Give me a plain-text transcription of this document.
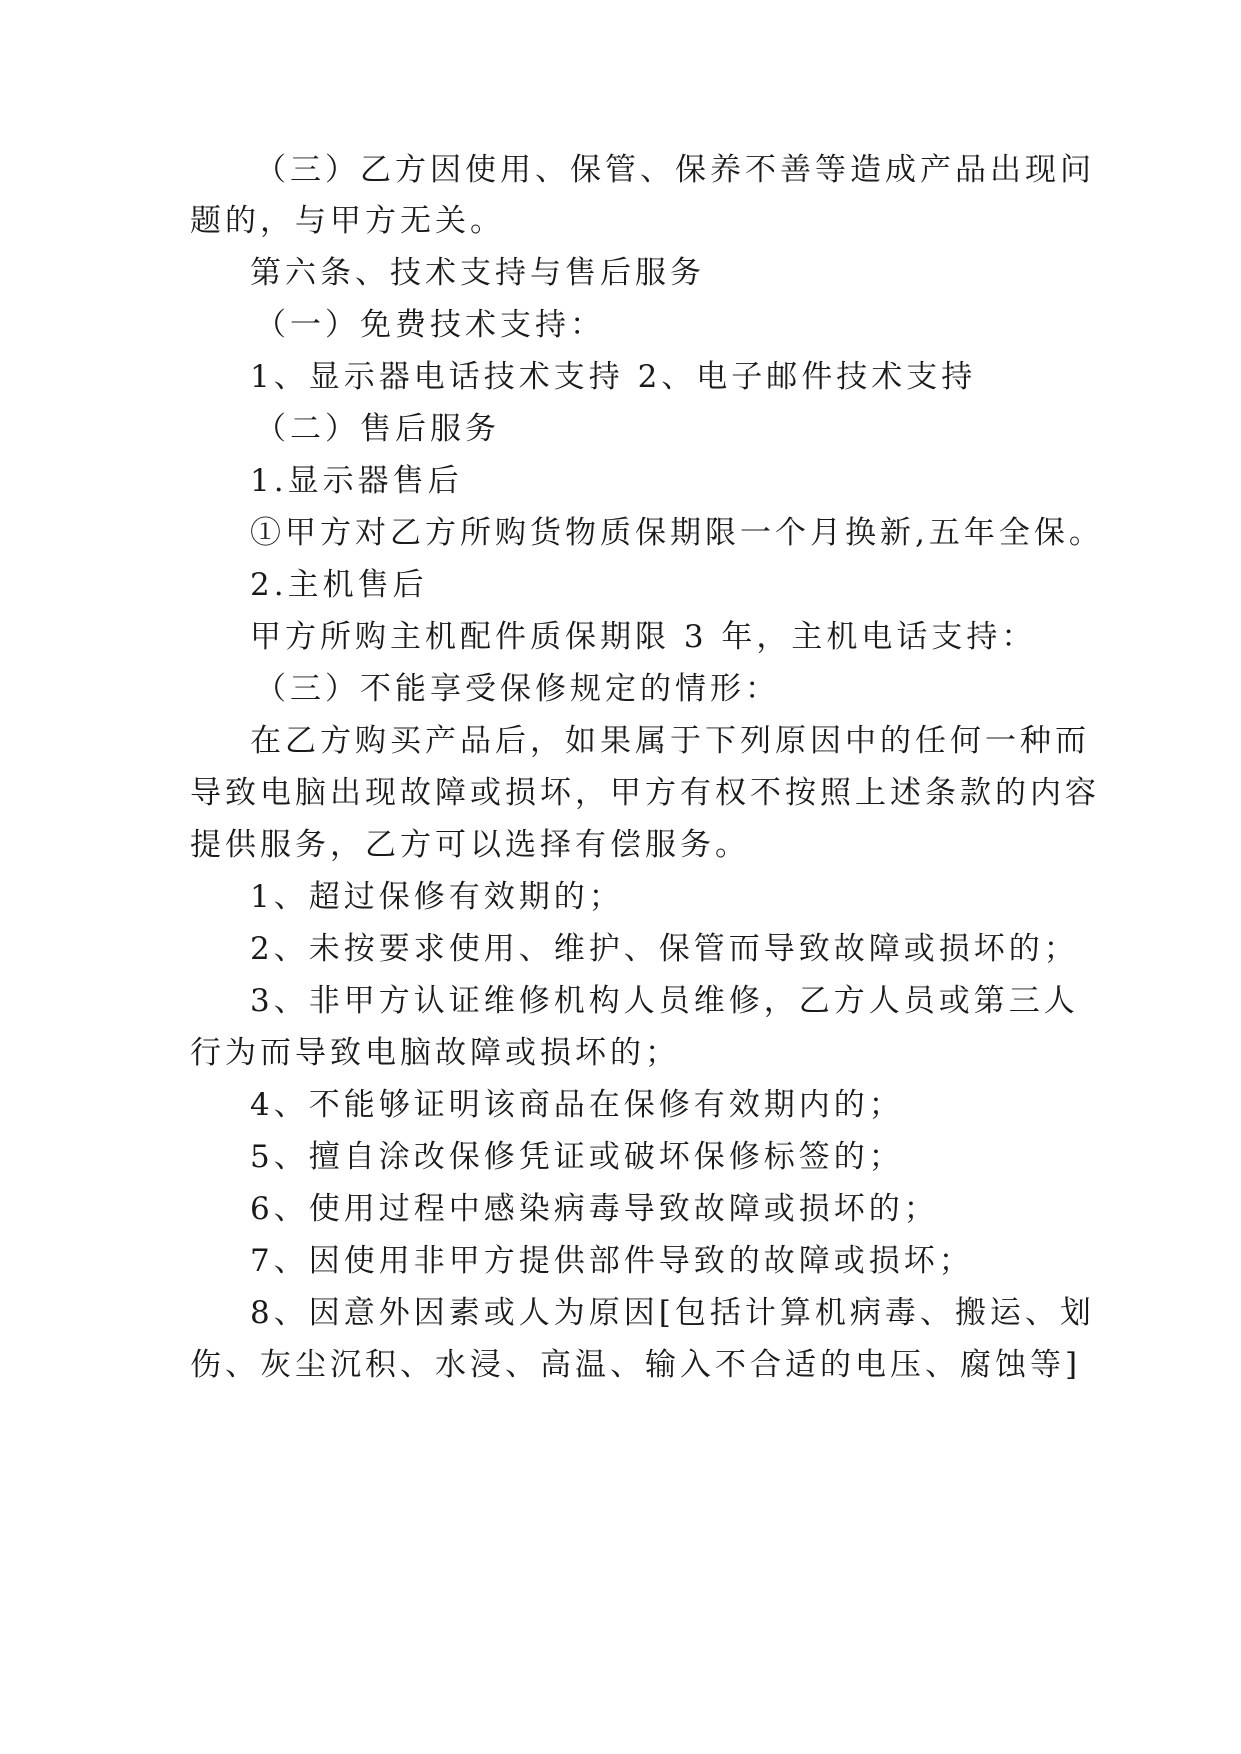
（三）乙方因使用、保管、保养不善等造成产品出现问
题的，与甲方无关。
第六条、技术支持与售后服务
（一）免费技术支持：
1、显示器电话技术支持 2、电子邮件技术支持
（二）售后服务
1.显示器售后
①甲方对乙方所购货物质保期限一个月换新,五年全保。
2.主机售后
甲方所购主机配件质保期限 3 年，主机电话支持：
（三）不能享受保修规定的情形：
在乙方购买产品后，如果属于下列原因中的任何一种而
导致电脑出现故障或损坏，甲方有权不按照上述条款的内容
提供服务，乙方可以选择有偿服务。
1、超过保修有效期的；
2、未按要求使用、维护、保管而导致故障或损坏的；
3、非甲方认证维修机构人员维修，乙方人员或第三人
行为而导致电脑故障或损坏的；
4、不能够证明该商品在保修有效期内的；
5、擅自涂改保修凭证或破坏保修标签的；
6、使用过程中感染病毒导致故障或损坏的；
7、因使用非甲方提供部件导致的故障或损坏；
8、因意外因素或人为原因[包括计算机病毒、搬运、划
伤、灰尘沉积、水浸、高温、输入不合适的电压、腐蚀等]
